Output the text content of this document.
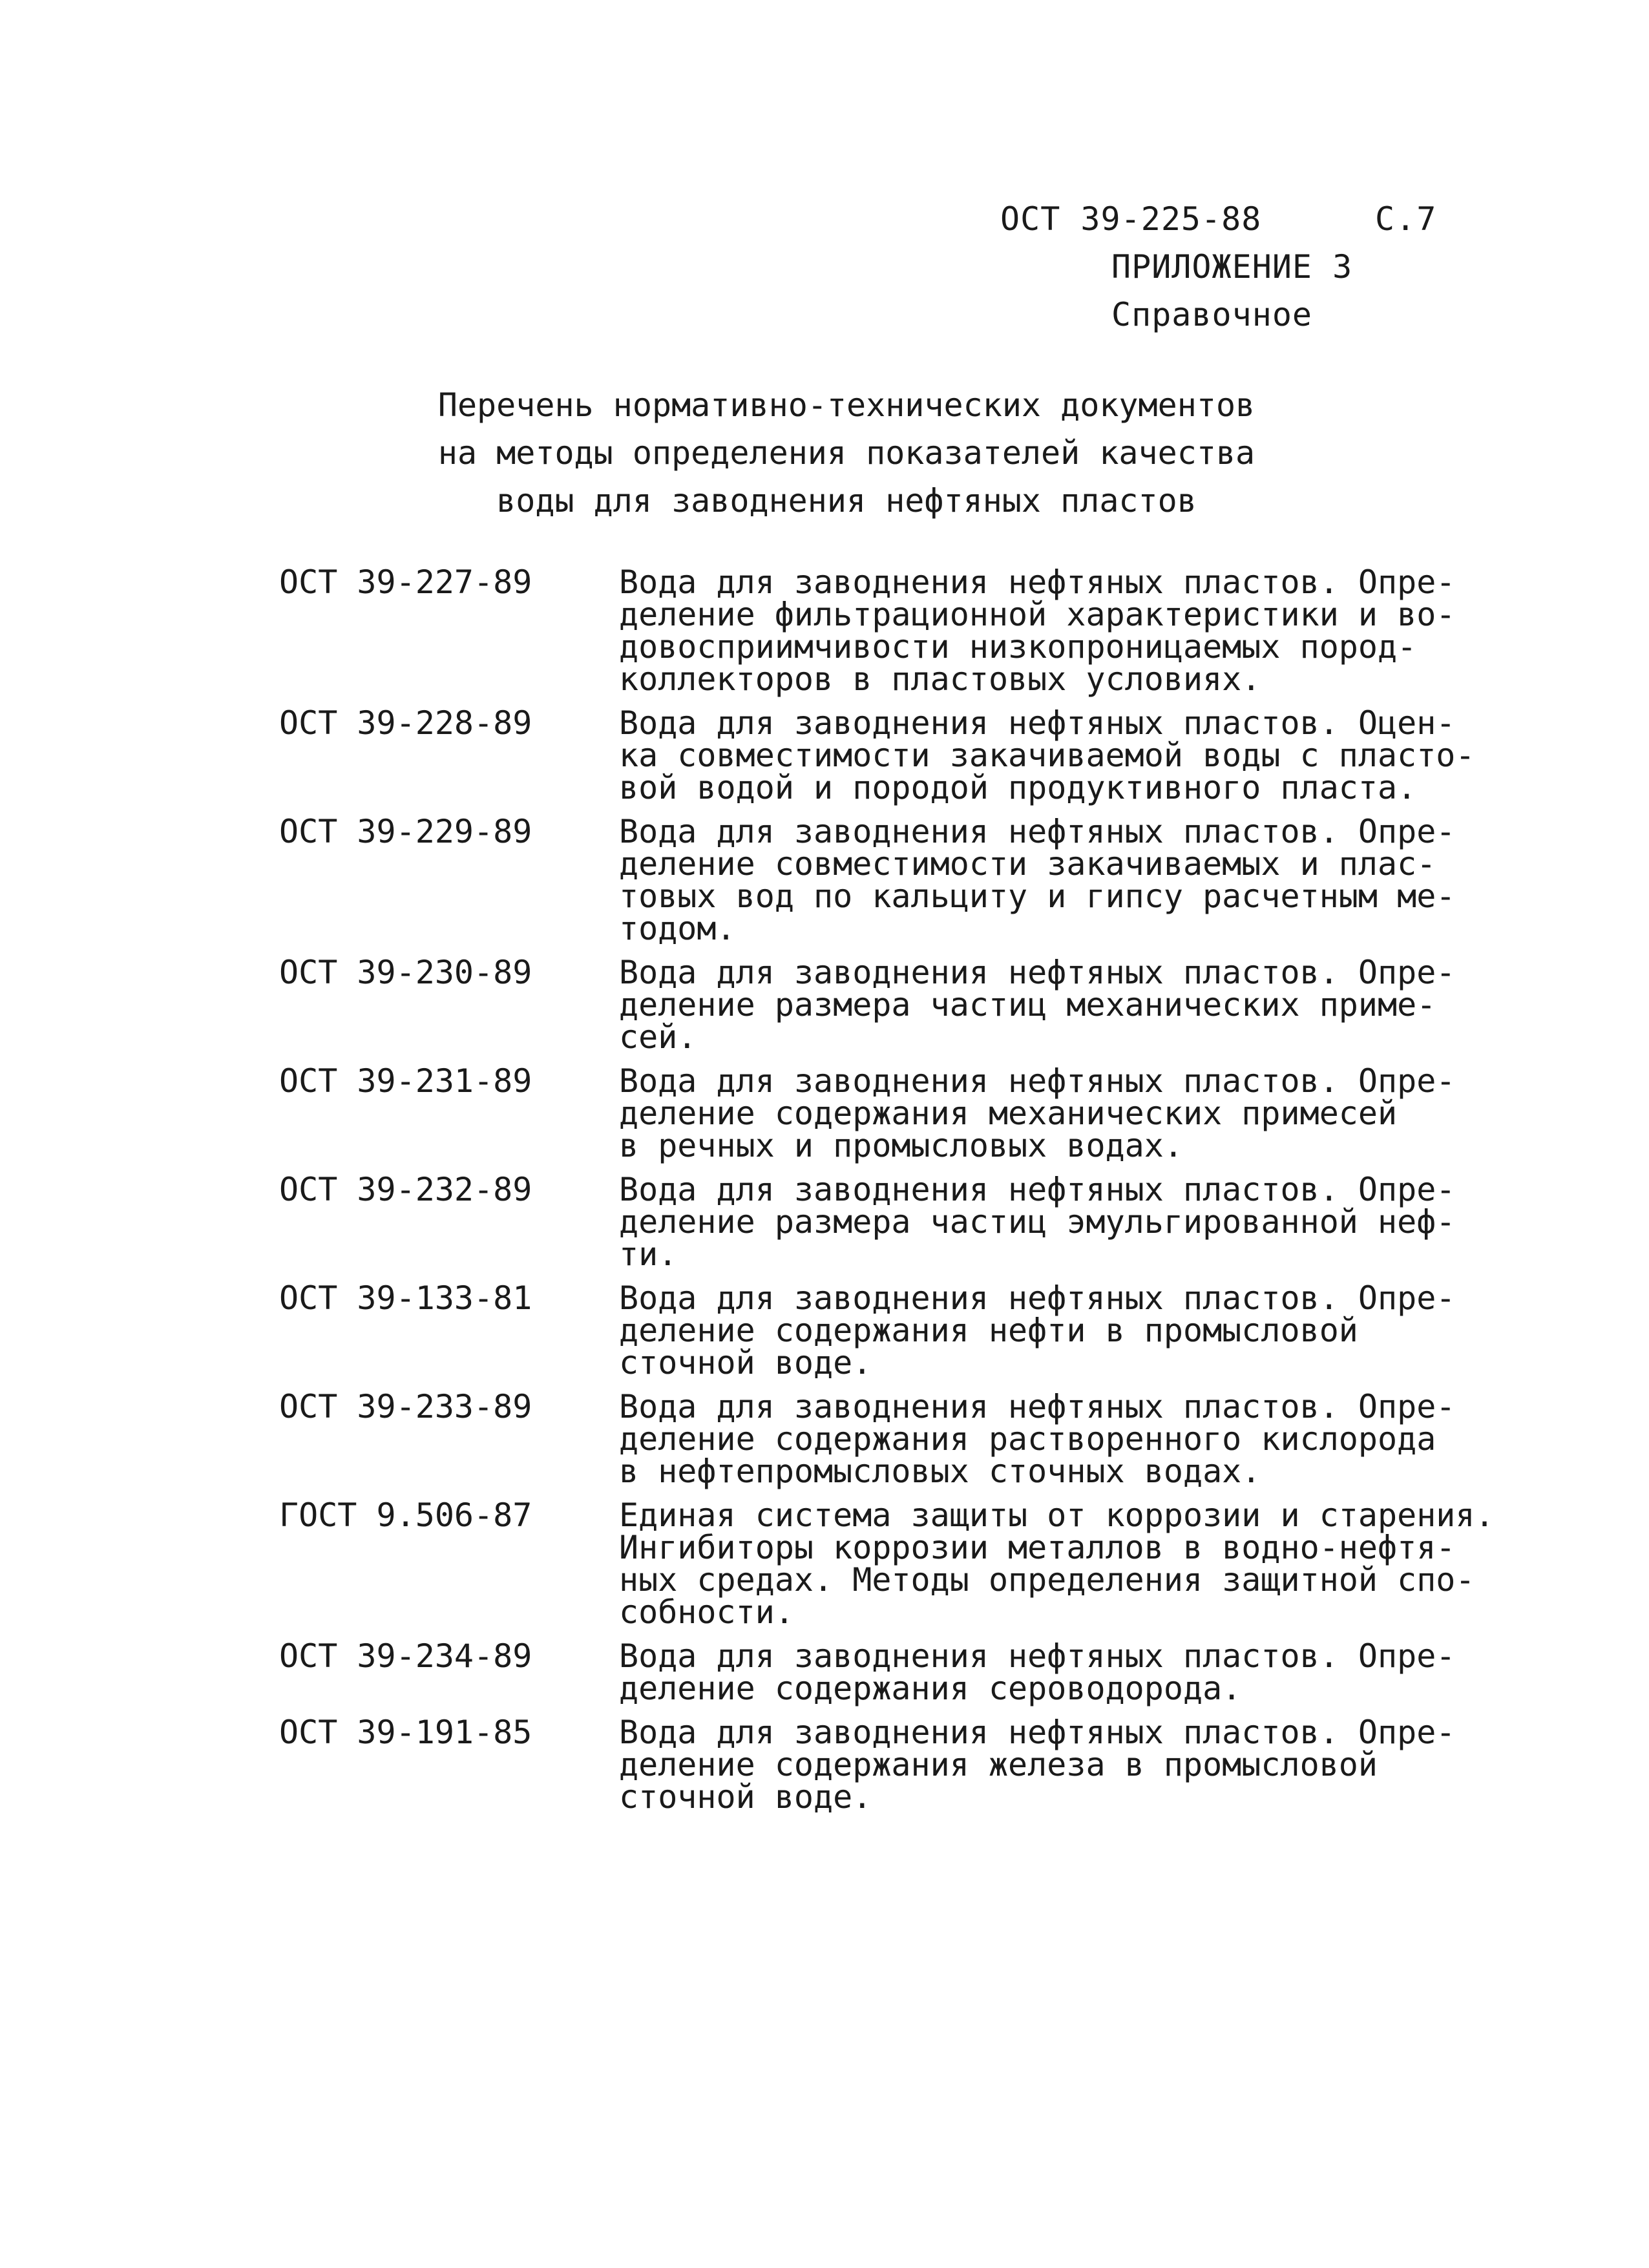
ОСТ 39-225-88	С.7
ПРИЛОЖЕНИЕ 3
Справочное
Перечень нормативно-технических документов
на методы определения показателей качества
воды для заводнения нефтяных пластов
ОСТ 39-227-89	Вода для заводнения нефтяных пластов. Опре-
деление фильтрационной характеристики и во-
довосприимчивости низкопроницаемых пород-
коллекторов в пластовых условиях.
ОСТ 39-228-89	Вода для заводнения нефтяных пластов. Оцен-
ка совместимости закачиваемой воды с пласто-
вой водой и породой продуктивного пласта.
ОСТ 39-229-89	Вода для заводнения нефтяных пластов. Опре-
деление совместимости закачиваемых и плас-
товых вод по кальциту и гипсу расчетным ме-
тодом.
ОСТ 39-230-89	Вода для заводнения нефтяных пластов. Опре-
деление размера частиц механических приме-
сей.
ОСТ 39-231-89	Вода для заводнения нефтяных пластов. Опре-
деление содержания механических примесей
в речных и промысловых водах.
ОСТ 39-232-89	Вода для заводнения нефтяных пластов. Опре-
деление размера частиц эмульгированной неф-
ти.
ОСТ 39-133-81	Вода для заводнения нефтяных пластов. Опре-
деление содержания нефти в промысловой
сточной воде.
ОСТ 39-233-89	Вода для заводнения нефтяных пластов. Опре-
деление содержания растворенного кислорода
в нефтепромысловых сточных водах.
ГОСТ 9.506-87	Единая система защиты от коррозии и старения.
Ингибиторы коррозии металлов в водно-нефтя-
ных средах. Методы определения защитной спо-
собности.
ОСТ 39-234-89	Вода для заводнения нефтяных пластов. Опре-
деление содержания сероводорода.
ОСТ 39-191-85	Вода для заводнения нефтяных пластов. Опре-
деление содержания железа в промысловой
сточной воде.
